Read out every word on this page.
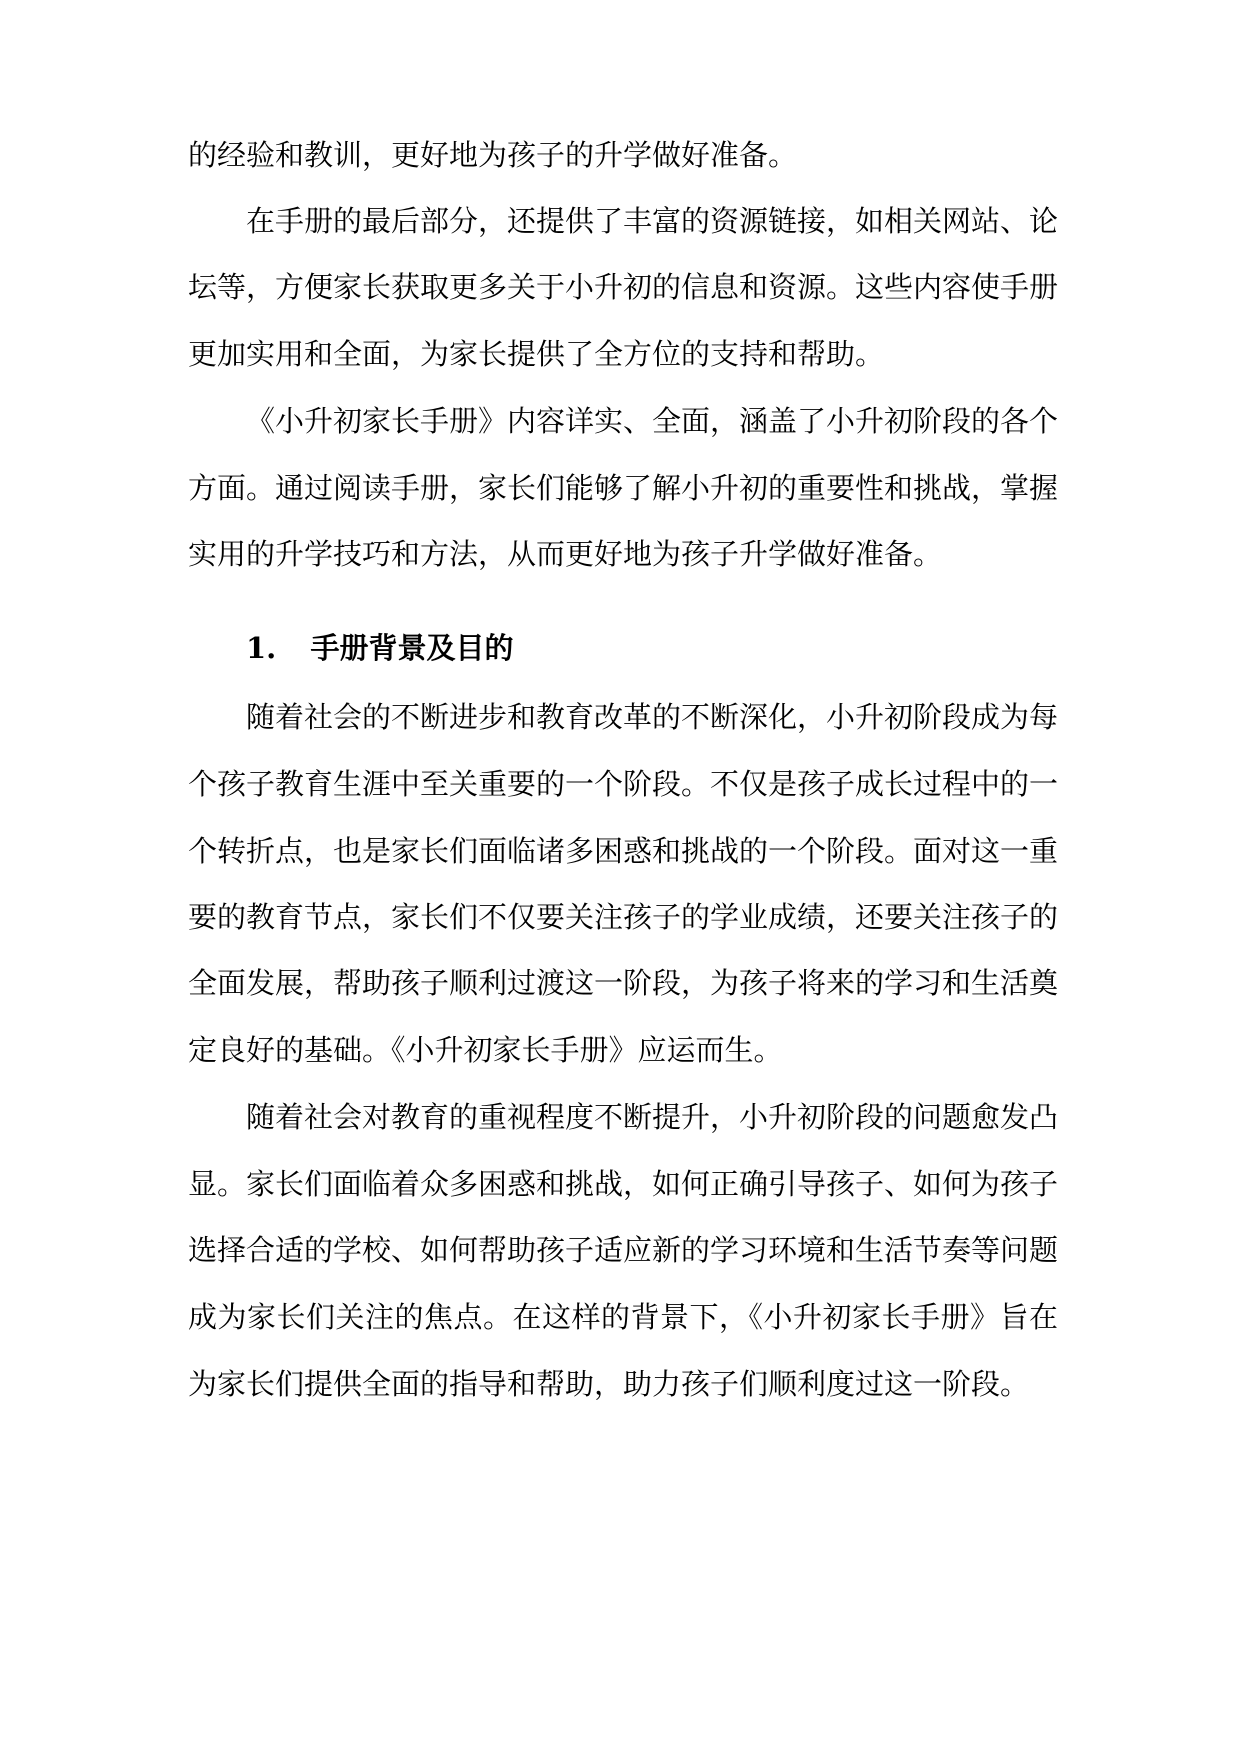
的经验和教训，更好地为孩子的升学做好准备。
在手册的最后部分，还提供了丰富的资源链接，如相关网站、论
坛等，方便家长获取更多关于小升初的信息和资源。这些内容使手册
更加实用和全面，为家长提供了全方位的支持和帮助。
《小升初家长手册》内容详实、全面，涵盖了小升初阶段的各个
方面。通过阅读手册，家长们能够了解小升初的重要性和挑战，掌握
实用的升学技巧和方法，从而更好地为孩子升学做好准备。
1. 手册背景及目的
随着社会的不断进步和教育改革的不断深化，小升初阶段成为每
个孩子教育生涯中至关重要的一个阶段。不仅是孩子成长过程中的一
个转折点，也是家长们面临诸多困惑和挑战的一个阶段。面对这一重
要的教育节点，家长们不仅要关注孩子的学业成绩，还要关注孩子的
全面发展，帮助孩子顺利过渡这一阶段，为孩子将来的学习和生活奠
定良好的基础。《小升初家长手册》应运而生。
随着社会对教育的重视程度不断提升，小升初阶段的问题愈发凸
显。家长们面临着众多困惑和挑战，如何正确引导孩子、如何为孩子
选择合适的学校、如何帮助孩子适应新的学习环境和生活节奏等问题
成为家长们关注的焦点。在这样的背景下，《小升初家长手册》旨在
为家长们提供全面的指导和帮助，助力孩子们顺利度过这一阶段。
